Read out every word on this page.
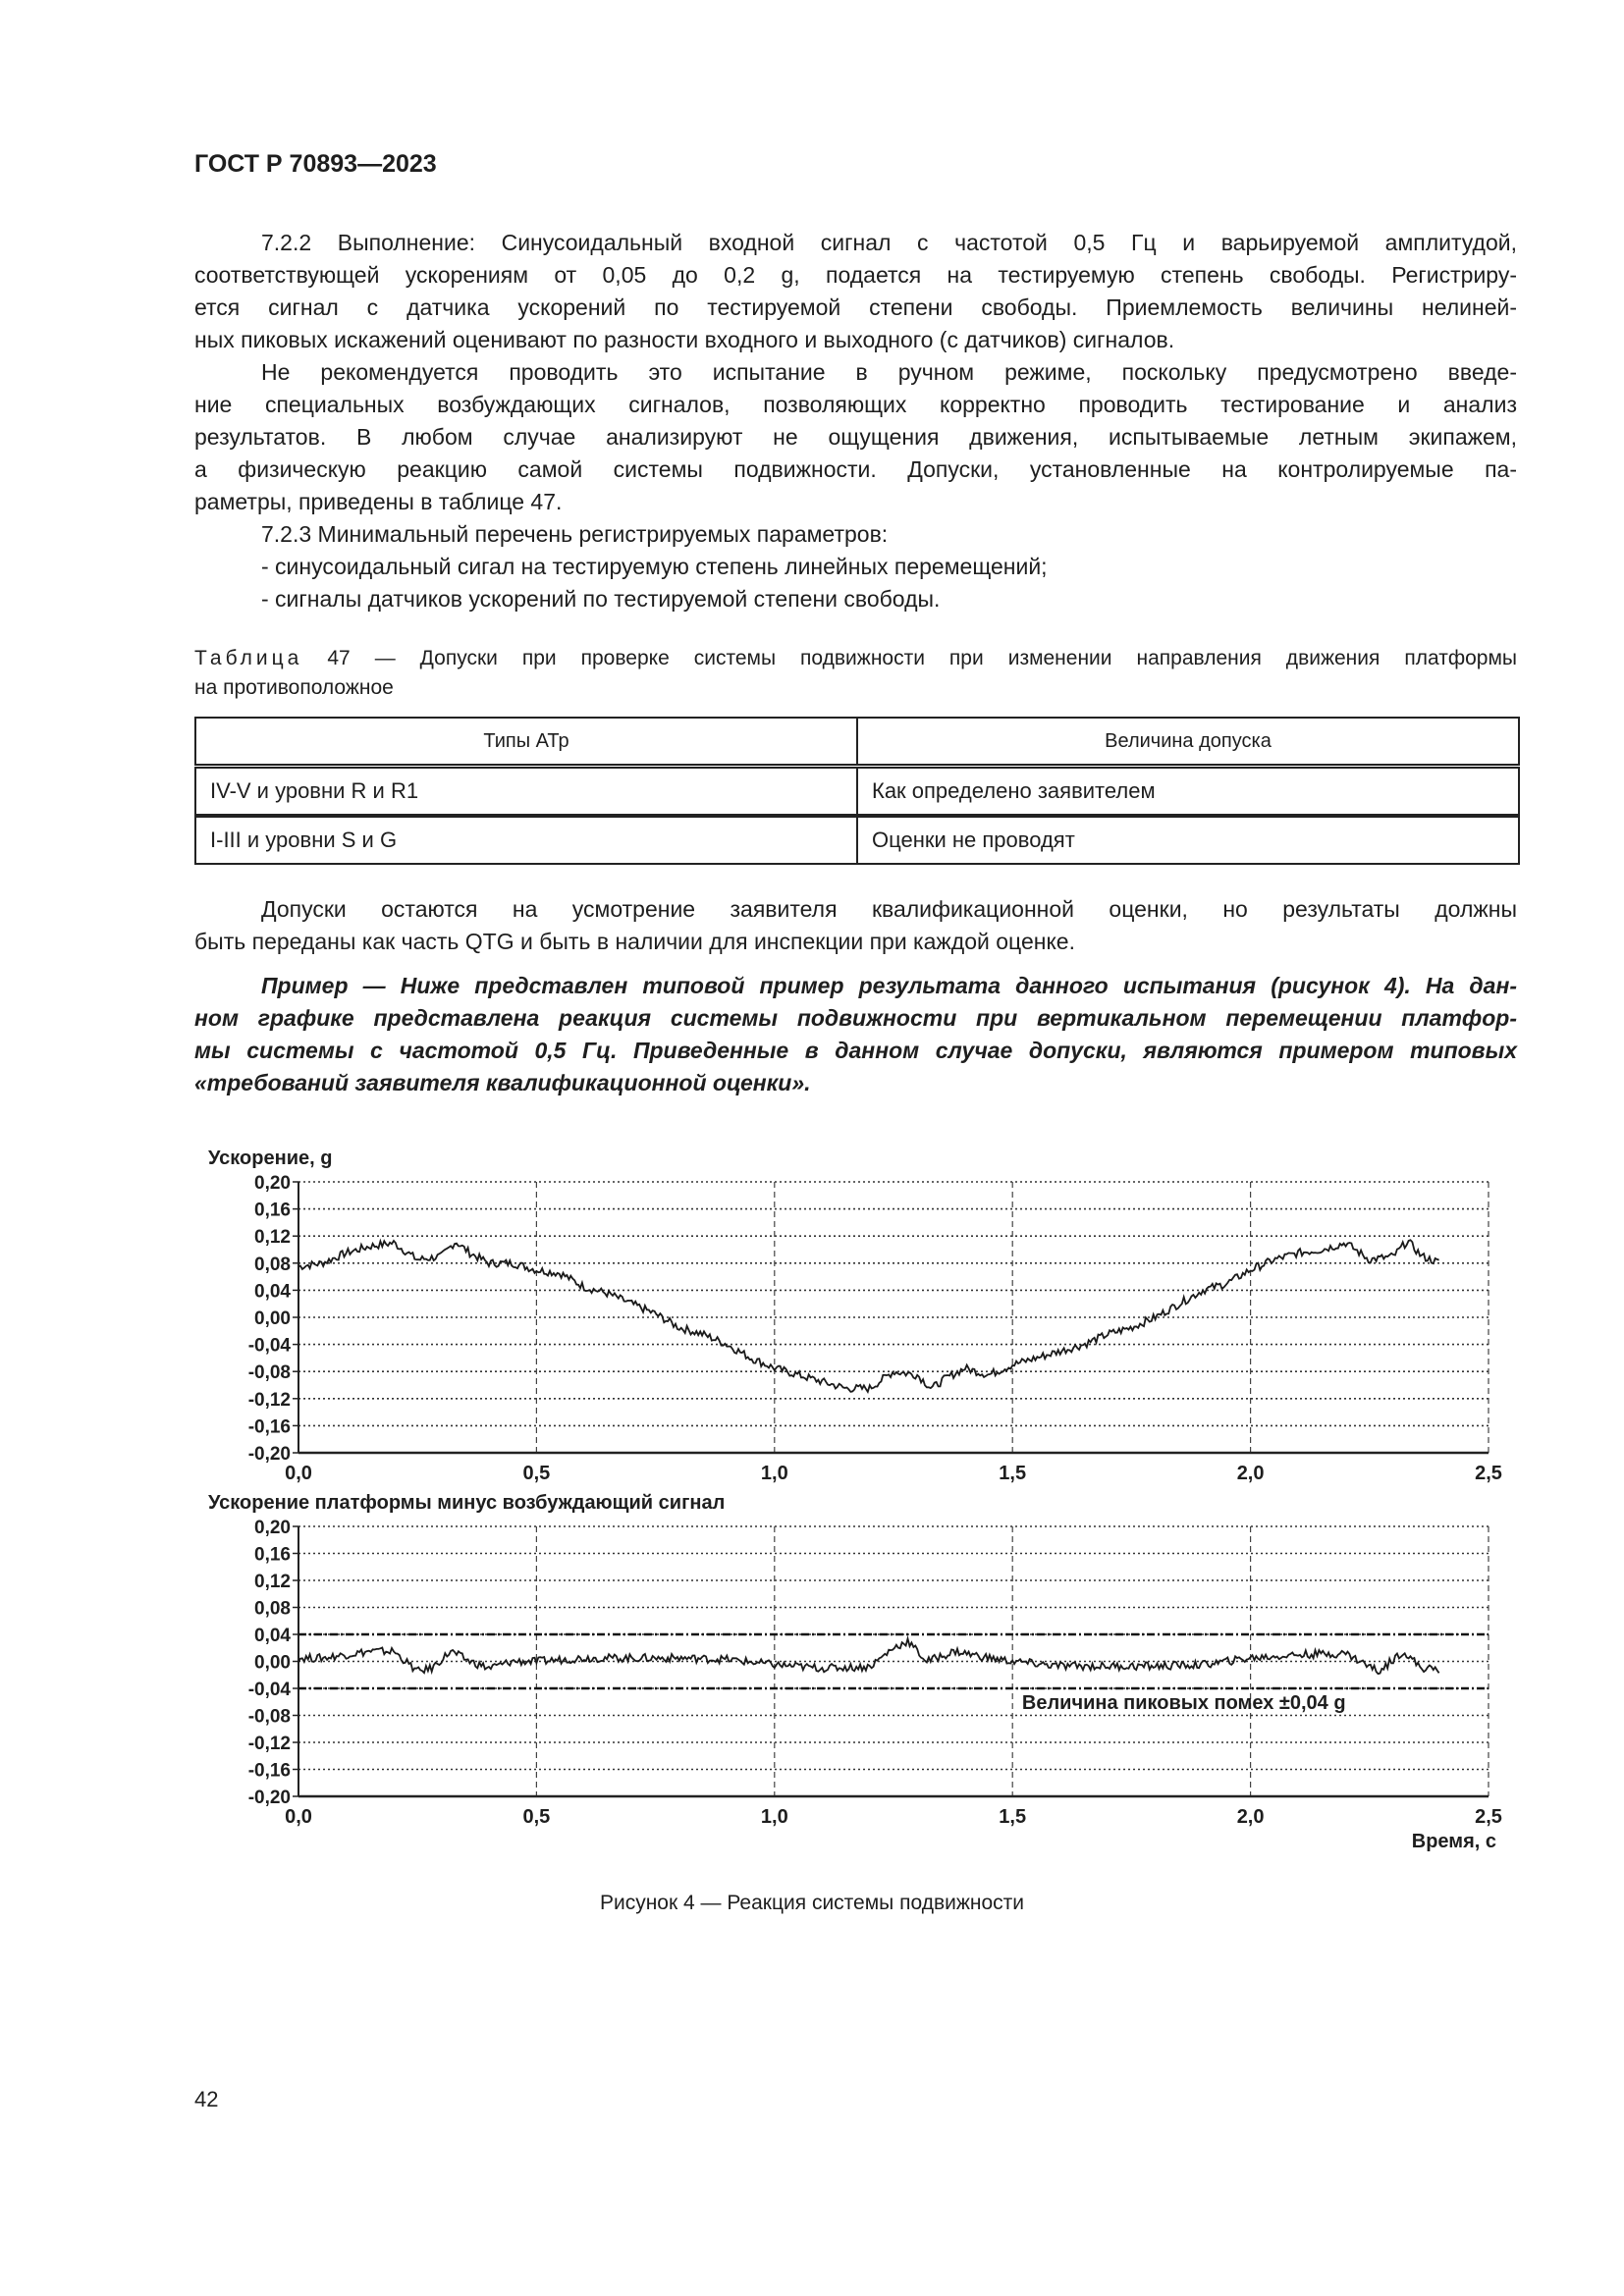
ГОСТ Р 70893—2023
7.2.2 Выполнение: Синусоидальный входной сигнал с частотой 0,5 Гц и варьируемой амплитудой,
соответствующей ускорениям от 0,05 до 0,2 g, подается на тестируемую степень свободы. Регистриру-
ется сигнал с датчика ускорений по тестируемой степени свободы. Приемлемость величины нелиней-
ных пиковых искажений оценивают по разности входного и выходного (с датчиков) сигналов.
Не рекомендуется проводить это испытание в ручном режиме, поскольку предусмотрено введе-
ние специальных возбуждающих сигналов, позволяющих корректно проводить тестирование и анализ
результатов. В любом случае анализируют не ощущения движения, испытываемые летным экипажем,
а физическую реакцию самой системы подвижности. Допуски, установленные на контролируемые па-
раметры, приведены в таблице 47.
7.2.3 Минимальный перечень регистрируемых параметров:
- синусоидальный сигал на тестируемую степень линейных перемещений;
- сигналы датчиков ускорений по тестируемой степени свободы.
Таблица 47 — Допуски при проверке системы подвижности при изменении направления движения платформы
на противоположное
Типы АТр	Величина допуска
IV-V и уровни R и R1	Как определено заявителем
I-III и уровни S и G	Оценки не проводят
Допуски остаются на усмотрение заявителя квалификационной оценки, но результаты должны
быть переданы как часть QTG и быть в наличии для инспекции при каждой оценке.
Пример — Ниже представлен типовой пример результата данного испытания (рисунок 4). На дан-
ном графике представлена реакция системы подвижности при вертикальном перемещении платфор-
мы системы с частотой 0,5 Гц. Приведенные в данном случае допуски, являются примером типовых
«требований заявителя квалификационной оценки».
Ускорение, g
0,20
0,16
0,12
0,08
0,04
0,00
-0,04
-0,08
-0,12
-0,16
-0,20
0,0	0,5	1,0	1,5	2,0	2,5
Ускорение платформы минус возбуждающий сигнал
0,20
0,16
0,12
0,08
0,04
0,00
-0,04
-0,08
-0,12
-0,16
-0,20
0,0	0,5	1,0	1,5	2,0	2,5
Величина пиковых помех ±0,04 g
Время, с
Рисунок 4 — Реакция системы подвижности
42
